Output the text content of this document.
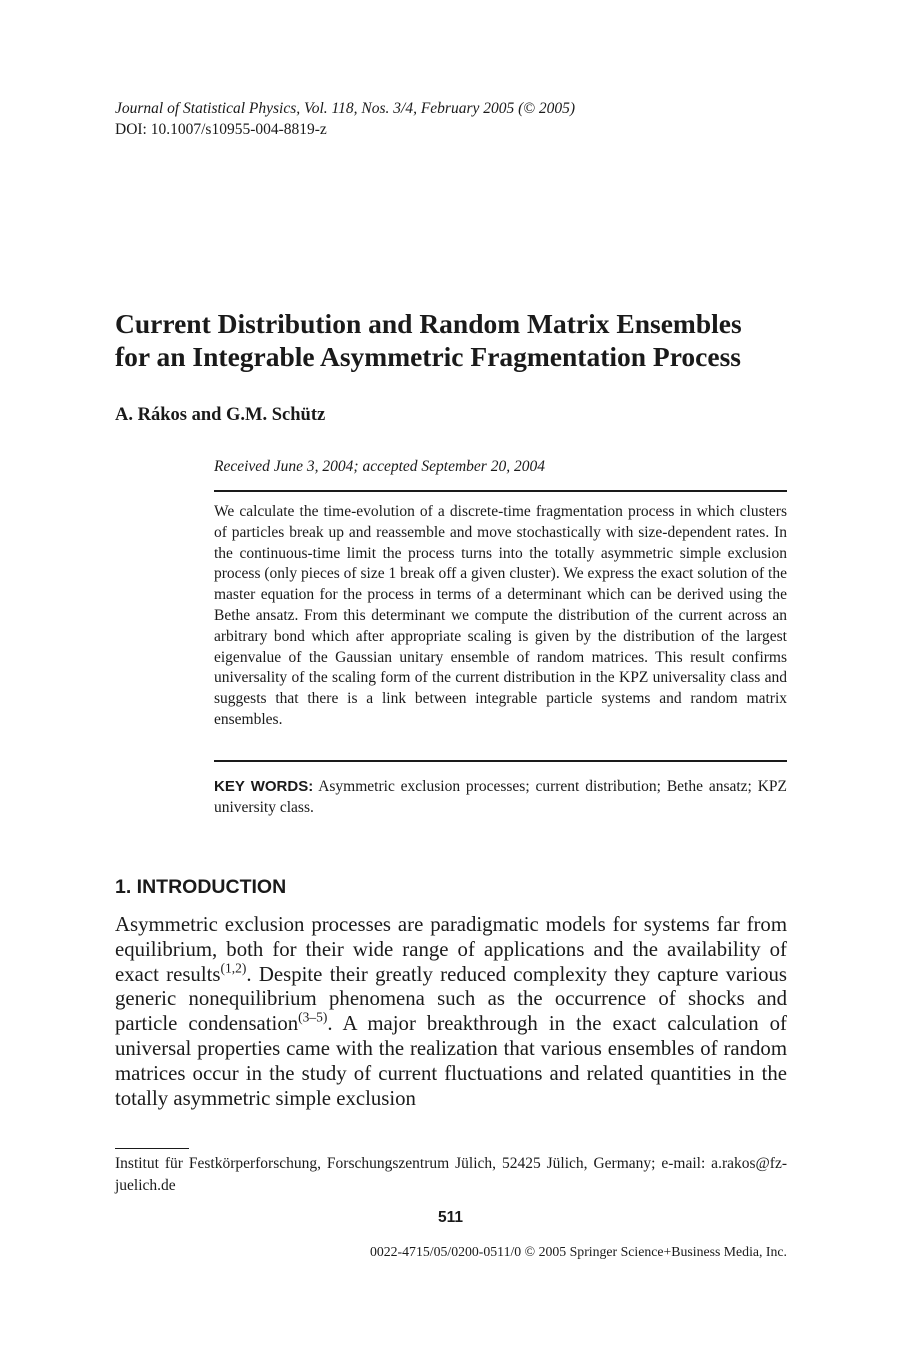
Journal of Statistical Physics, Vol. 118, Nos. 3/4, February 2005 (© 2005)
DOI: 10.1007/s10955-004-8819-z
Current Distribution and Random Matrix Ensembles
for an Integrable Asymmetric Fragmentation Process
A. Rákos and G.M. Schütz
Received June 3, 2004; accepted September 20, 2004

We calculate the time-evolution of a discrete-time fragmentation process in which clusters of particles break up and reassemble and move stochastically with size-dependent rates. In the continuous-time limit the process turns into the totally asymmetric simple exclusion process (only pieces of size 1 break off a given cluster). We express the exact solution of the master equation for the process in terms of a determinant which can be derived using the Bethe ansatz. From this determinant we compute the distribution of the current across an arbitrary bond which after appropriate scaling is given by the distribution of the largest eigenvalue of the Gaussian unitary ensemble of random matrices. This result confirms universality of the scaling form of the current distribution in the KPZ universality class and suggests that there is a link between integrable particle systems and random matrix ensembles.

KEY WORDS: Asymmetric exclusion processes; current distribution; Bethe ansatz; KPZ university class.

1. INTRODUCTION

Asymmetric exclusion processes are paradigmatic models for systems far from equilibrium, both for their wide range of applications and the availability of exact results$^{(1,2)}$. Despite their greatly reduced complexity they capture various generic nonequilibrium phenomena such as the occurrence of shocks and particle condensation$^{(3-5)}$. A major breakthrough in the exact calculation of universal properties came with the realization that various ensembles of random matrices occur in the study of current fluctuations and related quantities in the totally asymmetric simple exclusion

Institut für Festkörperforschung, Forschungszentrum Jülich, 52425 Jülich, Germany; e-mail: a.rakos@fz-juelich.de

511
0022-4715/05/0200-0511/0 © 2005 Springer Science+Business Media, Inc.
